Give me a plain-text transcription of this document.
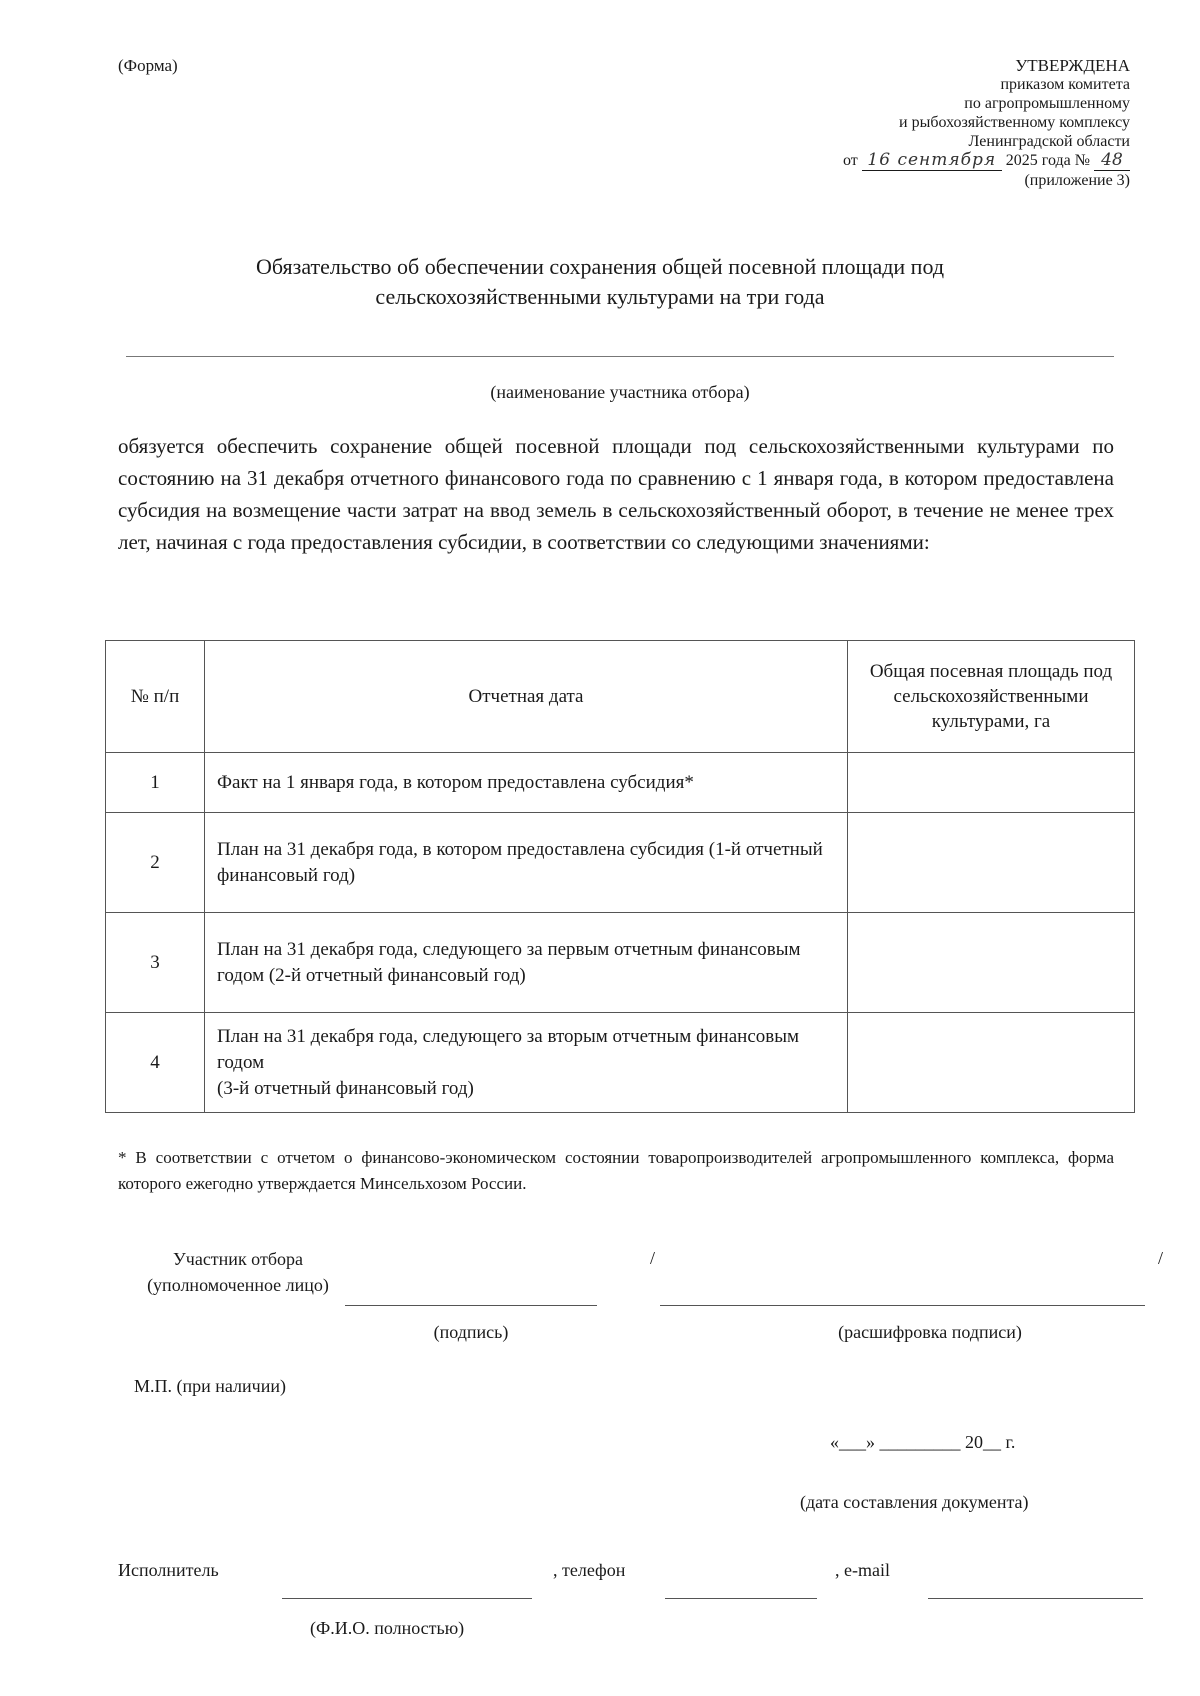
(Форма)	УТВЕРЖДЕНА
приказом комитета
по агропромышленному
и рыбохозяйственному комплексу
Ленинградской области
от 16 сентября 2025 года № 48
(приложение 3)
Обязательство об обеспечении сохранения общей посевной площади под сельскохозяйственными культурами на три года
(наименование участника отбора)
обязуется обеспечить сохранение общей посевной площади под сельскохозяйственными культурами по состоянию на 31 декабря отчетного финансового года по сравнению с 1 января года, в котором предоставлена субсидия на возмещение части затрат на ввод земель в сельскохозяйственный оборот, в течение не менее трех лет, начиная с года предоставления субсидии, в соответствии со следующими значениями:
№ п/п	Отчетная дата	Общая посевная площадь под сельскохозяйственными культурами, га
1	Факт на 1 января года, в котором предоставлена субсидия*	
2	План на 31 декабря года, в котором предоставлена субсидия (1-й отчетный финансовый год)	
3	План на 31 декабря года, следующего за первым отчетным финансовым годом (2-й отчетный финансовый год)	
4	План на 31 декабря года, следующего за вторым отчетным финансовым годом
(3-й отчетный финансовый год)	
* В соответствии с отчетом о финансово-экономическом состоянии товаропроизводителей агропромышленного комплекса, форма которого ежегодно утверждается Минсельхозом России.
Участник отбора
(уполномоченное лицо)
/	/
(подпись)	(расшифровка подписи)
М.П. (при наличии)
«___» _________ 20__ г.
(дата составления документа)
Исполнитель	, телефон	, e-mail
(Ф.И.О. полностью)
